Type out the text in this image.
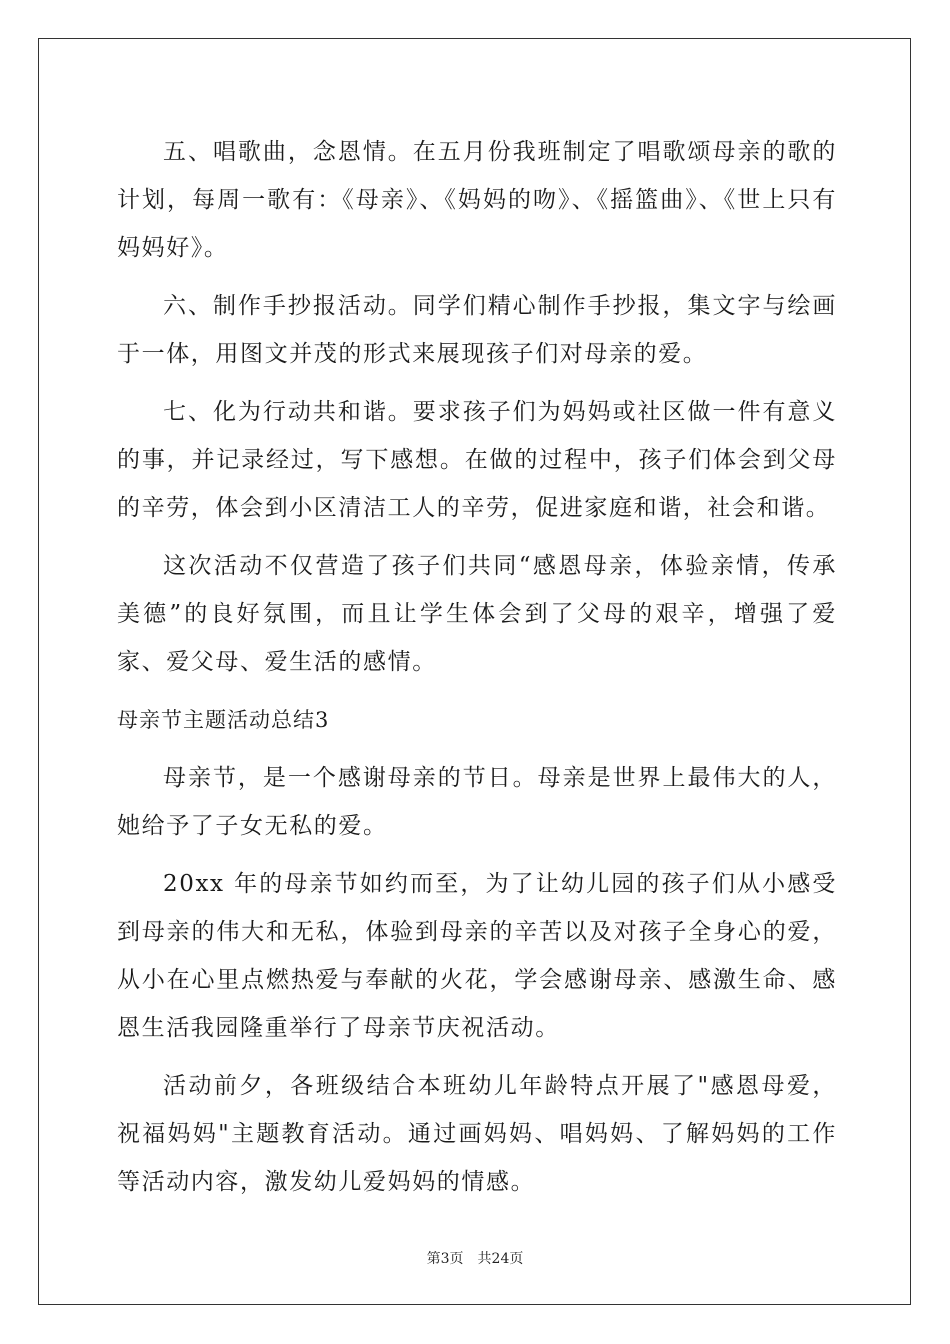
五、唱歌曲，念恩情。在五月份我班制定了唱歌颂母亲的歌的计划，每周一歌有：《母亲》、《妈妈的吻》、《摇篮曲》、《世上只有妈妈好》。

六、制作手抄报活动。同学们精心制作手抄报，集文字与绘画于一体，用图文并茂的形式来展现孩子们对母亲的爱。

七、化为行动共和谐。要求孩子们为妈妈或社区做一件有意义的事，并记录经过，写下感想。在做的过程中，孩子们体会到父母的辛劳，体会到小区清洁工人的辛劳，促进家庭和谐，社会和谐。

这次活动不仅营造了孩子们共同“感恩母亲，体验亲情，传承美德”的良好氛围，而且让学生体会到了父母的艰辛，增强了爱家、爱父母、爱生活的感情。

母亲节主题活动总结3

母亲节，是一个感谢母亲的节日。母亲是世界上最伟大的人，她给予了子女无私的爱。

20xx 年的母亲节如约而至，为了让幼儿园的孩子们从小感受到母亲的伟大和无私，体验到母亲的辛苦以及对孩子全身心的爱，从小在心里点燃热爱与奉献的火花，学会感谢母亲、感激生命、感恩生活我园隆重举行了母亲节庆祝活动。

活动前夕，各班级结合本班幼儿年龄特点开展了"感恩母爱，祝福妈妈"主题教育活动。通过画妈妈、唱妈妈、了解妈妈的工作等活动内容，激发幼儿爱妈妈的情感。

第3页　共24页
